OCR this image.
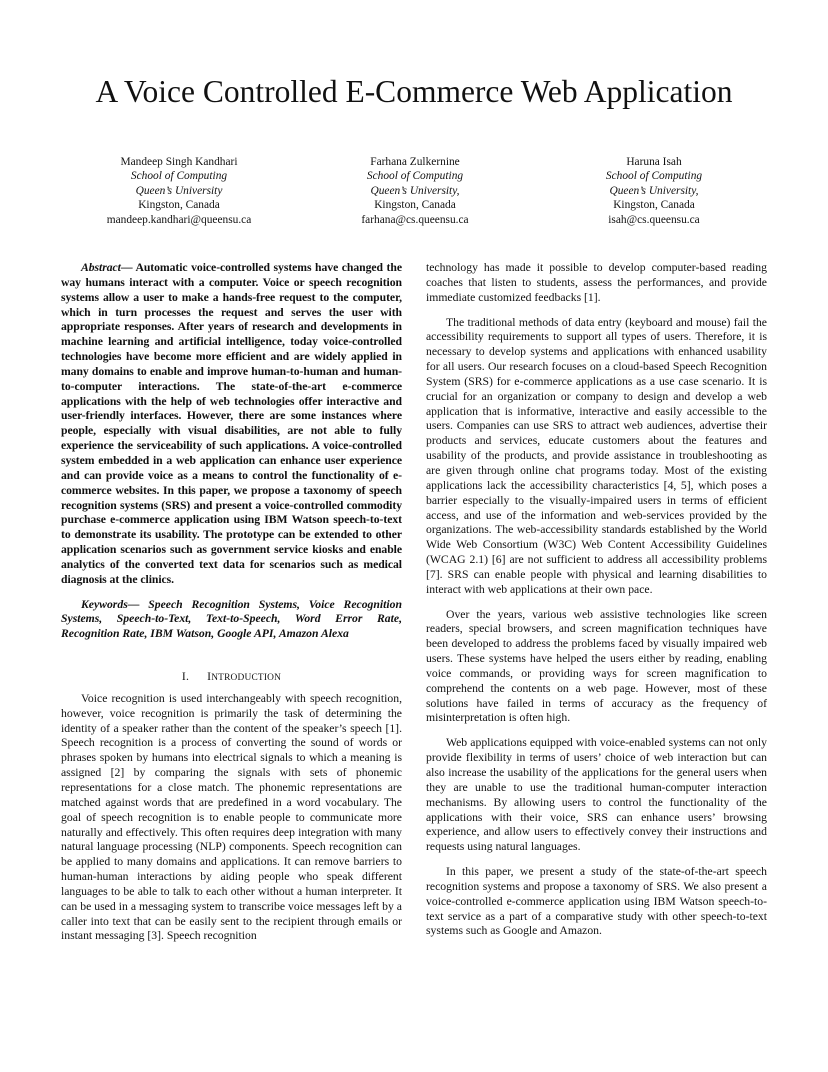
A Voice Controlled E-Commerce Web Application
Mandeep Singh Kandhari
School of Computing
Queen’s University
Kingston, Canada
mandeep.kandhari@queensu.ca
Farhana Zulkernine
School of Computing
Queen’s University,
Kingston, Canada
farhana@cs.queensu.ca
Haruna Isah
School of Computing
Queen’s University,
Kingston, Canada
isah@cs.queensu.ca

Abstract— Automatic voice-controlled systems have changed the way humans interact with a computer. Voice or speech recognition systems allow a user to make a hands-free request to the computer, which in turn processes the request and serves the user with appropriate responses. After years of research and developments in machine learning and artificial intelligence, today voice-controlled technologies have become more efficient and are widely applied in many domains to enable and improve human-to-human and human-to-computer interactions. The state-of-the-art e-commerce applications with the help of web technologies offer interactive and user-friendly interfaces. However, there are some instances where people, especially with visual disabilities, are not able to fully experience the serviceability of such applications. A voice-controlled system embedded in a web application can enhance user experience and can provide voice as a means to control the functionality of e-commerce websites. In this paper, we propose a taxonomy of speech recognition systems (SRS) and present a voice-controlled commodity purchase e-commerce application using IBM Watson speech-to-text to demonstrate its usability. The prototype can be extended to other application scenarios such as government service kiosks and enable analytics of the converted text data for scenarios such as medical diagnosis at the clinics.

Keywords— Speech Recognition Systems, Voice Recognition Systems, Speech-to-Text, Text-to-Speech, Word Error Rate, Recognition Rate, IBM Watson, Google API, Amazon Alexa

I. INTRODUCTION

Voice recognition is used interchangeably with speech recognition, however, voice recognition is primarily the task of determining the identity of a speaker rather than the content of the speaker’s speech [1]. Speech recognition is a process of converting the sound of words or phrases spoken by humans into electrical signals to which a meaning is assigned [2] by comparing the signals with sets of phonemic representations for a close match. The phonemic representations are matched against words that are predefined in a word vocabulary. The goal of speech recognition is to enable people to communicate more naturally and effectively. This often requires deep integration with many natural language processing (NLP) components. Speech recognition can be applied to many domains and applications. It can remove barriers to human-human interactions by aiding people who speak different languages to be able to talk to each other without a human interpreter. It can be used in a messaging system to transcribe voice messages left by a caller into text that can be easily sent to the recipient through emails or instant messaging [3]. Speech recognition

technology has made it possible to develop computer-based reading coaches that listen to students, assess the performances, and provide immediate customized feedbacks [1].

The traditional methods of data entry (keyboard and mouse) fail the accessibility requirements to support all types of users. Therefore, it is necessary to develop systems and applications with enhanced usability for all users. Our research focuses on a cloud-based Speech Recognition System (SRS) for e-commerce applications as a use case scenario. It is crucial for an organization or company to design and develop a web application that is informative, interactive and easily accessible to the users. Companies can use SRS to attract web audiences, advertise their products and services, educate customers about the features and usability of the products, and provide assistance in troubleshooting as are given through online chat programs today. Most of the existing applications lack the accessibility characteristics [4, 5], which poses a barrier especially to the visually-impaired users in terms of efficient access, and use of the information and web-services provided by the organizations. The web-accessibility standards established by the World Wide Web Consortium (W3C) Web Content Accessibility Guidelines (WCAG 2.1) [6] are not sufficient to address all accessibility problems [7]. SRS can enable people with physical and learning disabilities to interact with web applications at their own pace.

Over the years, various web assistive technologies like screen readers, special browsers, and screen magnification techniques have been developed to address the problems faced by visually impaired web users. These systems have helped the users either by reading, enabling voice commands, or providing ways for screen magnification to comprehend the contents on a web page. However, most of these solutions have failed in terms of accuracy as the frequency of misinterpretation is often high.

Web applications equipped with voice-enabled systems can not only provide flexibility in terms of users’ choice of web interaction but can also increase the usability of the applications for the general users when they are unable to use the traditional human-computer interaction mechanisms. By allowing users to control the functionality of the applications with their voice, SRS can enhance users’ browsing experience, and allow users to effectively convey their instructions and requests using natural languages.

In this paper, we present a study of the state-of-the-art speech recognition systems and propose a taxonomy of SRS. We also present a voice-controlled e-commerce application using IBM Watson speech-to-text service as a part of a comparative study with other speech-to-text systems such as Google and Amazon.
